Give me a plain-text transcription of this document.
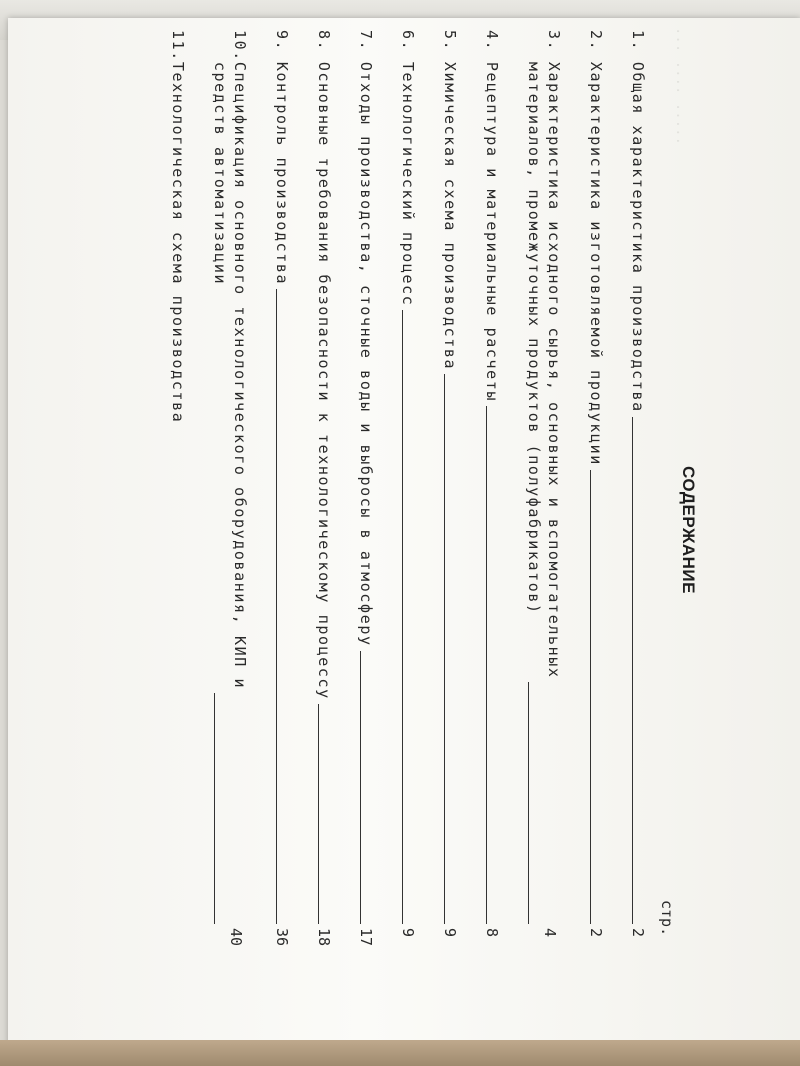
··· ···· ·····
СОДЕРЖАНИЕ
стр.
1. Общая характеристика производства
2
2. Характеристика изготовляемой продукции
2
3. Характеристика исходного сырья, основных и вспомогательных
материалов, промежуточных продуктов (полуфабрикатов)
4
4. Рецептура и материальные расчеты
8
5. Химическая схема производства
9
6. Технологический процесс
9
7. Отходы производства, сточные воды и выбросы в атмосферу
17
8. Основные требования безопасности к технологическому процессу
18
9. Контроль производства
36
10.Спецификация основного технологического оборудования, КИП и
средств автоматизации
40
11.Технологическая схема производства
